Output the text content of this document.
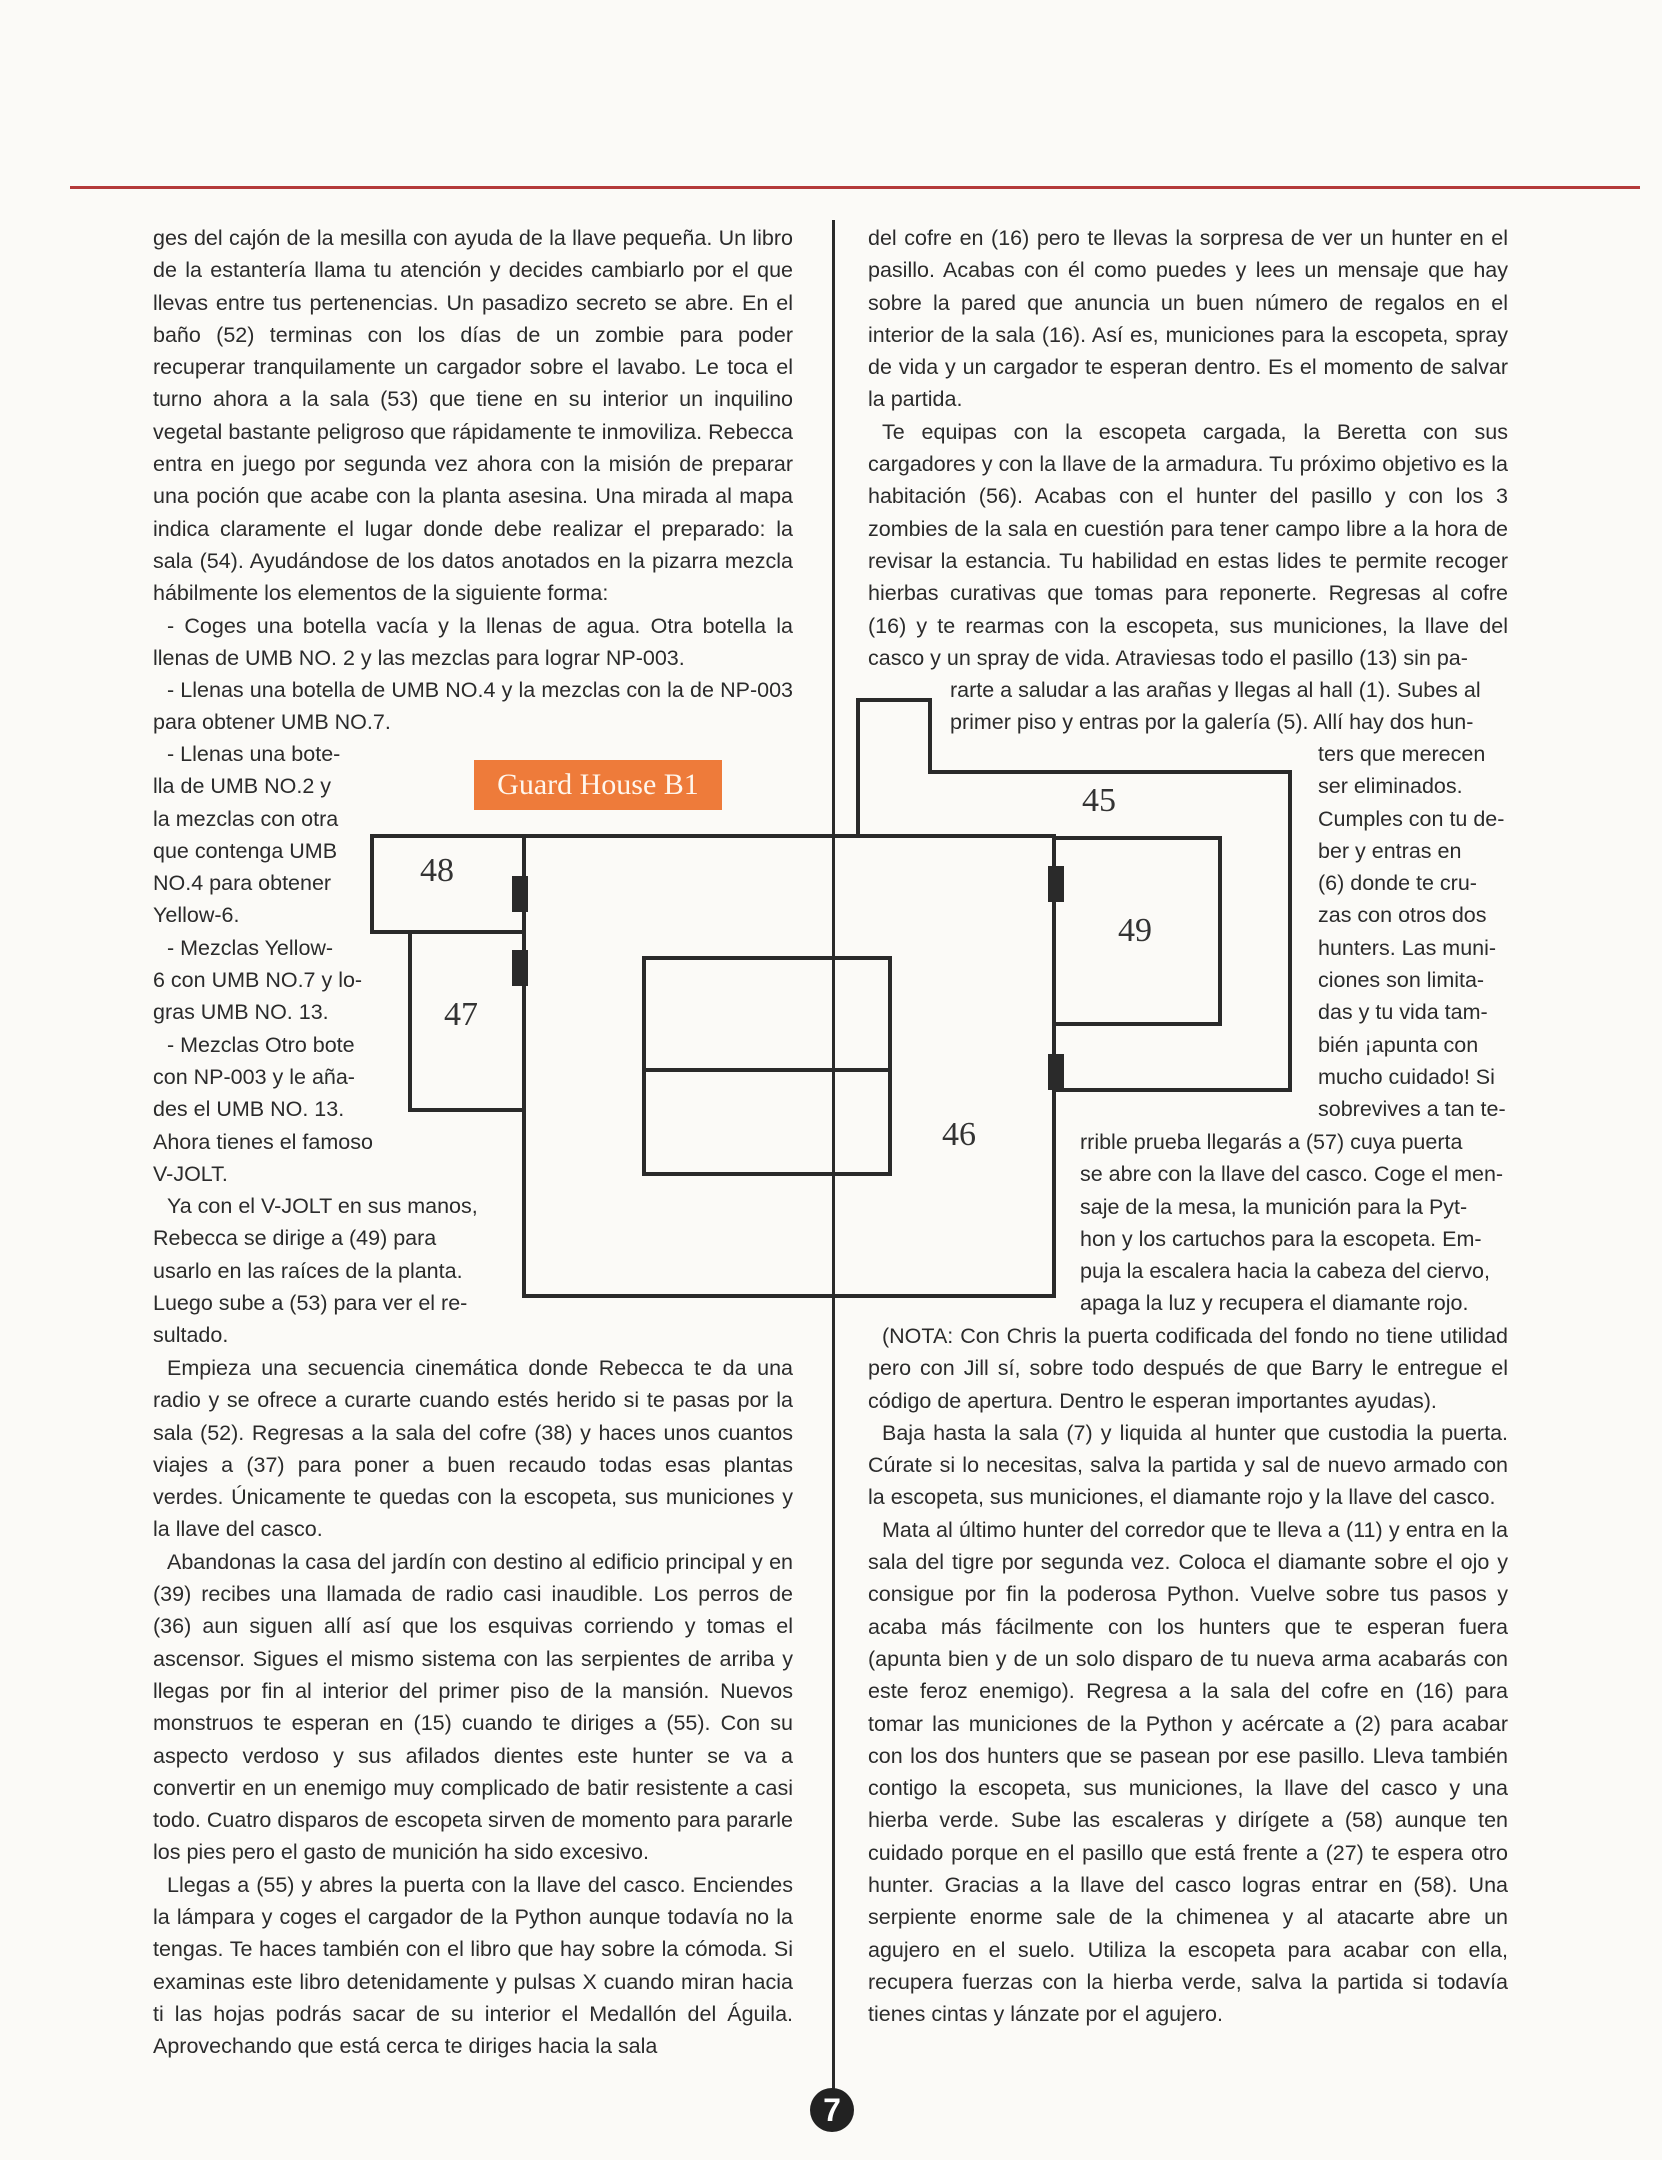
ges del cajón de la mesilla con ayuda de la llave pequeña. Un libro de la estantería llama tu atención y decides cambiarlo por el que llevas entre tus pertenencias. Un pasadizo secreto se abre. En el baño (52) terminas con los días de un zombie para poder recuperar tranquilamente un cargador sobre el lavabo. Le toca el turno ahora a la sala (53) que tiene en su interior un inquilino vegetal bastante peligroso que rápidamente te inmoviliza. Rebecca entra en juego por segunda vez ahora con la misión de preparar una poción que acabe con la planta asesina. Una mirada al mapa indica claramente el lugar donde debe realizar el preparado: la sala (54). Ayudándose de los datos anotados en la pizarra mezcla hábilmente los elementos de la siguiente forma:

- Coges una botella vacía y la llenas de agua. Otra botella la llenas de UMB NO. 2 y las mezclas para lograr NP-003.

- Llenas una botella de UMB NO.4 y la mezclas con la de NP-003 para obtener UMB NO.7.

- Llenas una bote-
lla de UMB NO.2 y
la mezclas con otra
que contenga UMB
NO.4 para obtener
Yellow-6.
- Mezclas Yellow-
6 con UMB NO.7 y lo-
gras UMB NO. 13.
- Mezclas Otro bote
con NP-003 y le aña-
des el UMB NO. 13.
Ahora tienes el famoso
V-JOLT.
Ya con el V-JOLT en sus manos,
Rebecca se dirige a (49) para
usarlo en las raíces de la planta.
Luego sube a (53) para ver el re-
sultado.

Empieza una secuencia cinemática donde Rebecca te da una radio y se ofrece a curarte cuando estés herido si te pasas por la sala (52). Regresas a la sala del cofre (38) y haces unos cuantos viajes a (37) para poner a buen recaudo todas esas plantas verdes. Únicamente te quedas con la escopeta, sus municiones y la llave del casco.

Abandonas la casa del jardín con destino al edificio principal y en (39) recibes una llamada de radio casi inaudible. Los perros de (36) aun siguen allí así que los esquivas corriendo y tomas el ascensor. Sigues el mismo sistema con las serpientes de arriba y llegas por fin al interior del primer piso de la mansión. Nuevos monstruos te esperan en (15) cuando te diriges a (55). Con su aspecto verdoso y sus afilados dientes este hunter se va a convertir en un enemigo muy complicado de batir resistente a casi todo. Cuatro disparos de escopeta sirven de momento para pararle los pies pero el gasto de munición ha sido excesivo.

Llegas a (55) y abres la puerta con la llave del casco. Enciendes la lámpara y coges el cargador de la Python aunque todavía no la tengas. Te haces también con el libro que hay sobre la cómoda. Si examinas este libro detenidamente y pulsas X cuando miran hacia ti las hojas podrás sacar de su interior el Medallón del Águila. Aprovechando que está cerca te diriges hacia la sala

del cofre en (16) pero te llevas la sorpresa de ver un hunter en el pasillo. Acabas con él como puedes y lees un mensaje que hay sobre la pared que anuncia un buen número de regalos en el interior de la sala (16). Así es, municiones para la escopeta, spray de vida y un cargador te esperan dentro. Es el momento de salvar la partida.

Te equipas con la escopeta cargada, la Beretta con sus cargadores y con la llave de la armadura. Tu próximo objetivo es la habitación (56). Acabas con el hunter del pasillo y con los 3 zombies de la sala en cuestión para tener campo libre a la hora de revisar la estancia. Tu habilidad en estas lides te permite recoger hierbas curativas que tomas para reponerte. Regresas al cofre (16) y te rearmas con la escopeta, sus municiones, la llave del casco y un spray de vida. Atraviesas todo el pasillo (13) sin pa-

rarte a saludar a las arañas y llegas al hall (1). Subes al
primer piso y entras por la galería (5). Allí hay dos hun-
ters que merecen
ser eliminados.
Cumples con tu de-
ber y entras en
(6) donde te cru-
zas con otros dos
hunters. Las muni-
ciones son limita-
das y tu vida tam-
bién ¡apunta con
mucho cuidado! Si
sobrevives a tan te-
rrible prueba llegarás a (57) cuya puerta
se abre con la llave del casco. Coge el men-
saje de la mesa, la munición para la Pyt-
hon y los cartuchos para la escopeta. Em-
puja la escalera hacia la cabeza del ciervo,
apaga la luz y recupera el diamante rojo.

(NOTA: Con Chris la puerta codificada del fondo no tiene utilidad pero con Jill sí, sobre todo después de que Barry le entregue el código de apertura. Dentro le esperan importantes ayudas).

Baja hasta la sala (7) y liquida al hunter que custodia la puerta. Cúrate si lo necesitas, salva la partida y sal de nuevo armado con la escopeta, sus municiones, el diamante rojo y la llave del casco.

Mata al último hunter del corredor que te lleva a (11) y entra en la sala del tigre por segunda vez. Coloca el diamante sobre el ojo y consigue por fin la poderosa Python. Vuelve sobre tus pasos y acaba más fácilmente con los hunters que te esperan fuera (apunta bien y de un solo disparo de tu nueva arma acabarás con este feroz enemigo). Regresa a la sala del cofre en (16) para tomar las municiones de la Python y acércate a (2) para acabar con los dos hunters que se pasean por ese pasillo. Lleva también contigo la escopeta, sus municiones, la llave del casco y una hierba verde. Sube las escaleras y dirígete a (58) aunque ten cuidado porque en el pasillo que está frente a (27) te espera otro hunter. Gracias a la llave del casco logras entrar en (58). Una serpiente enorme sale de la chimenea y al atacarte abre un agujero en el suelo. Utiliza la escopeta para acabar con ella, recupera fuerzas con la hierba verde, salva la partida si todavía tienes cintas y lánzate por el agujero.

Guard House B1
48
47
45
49
46
7
